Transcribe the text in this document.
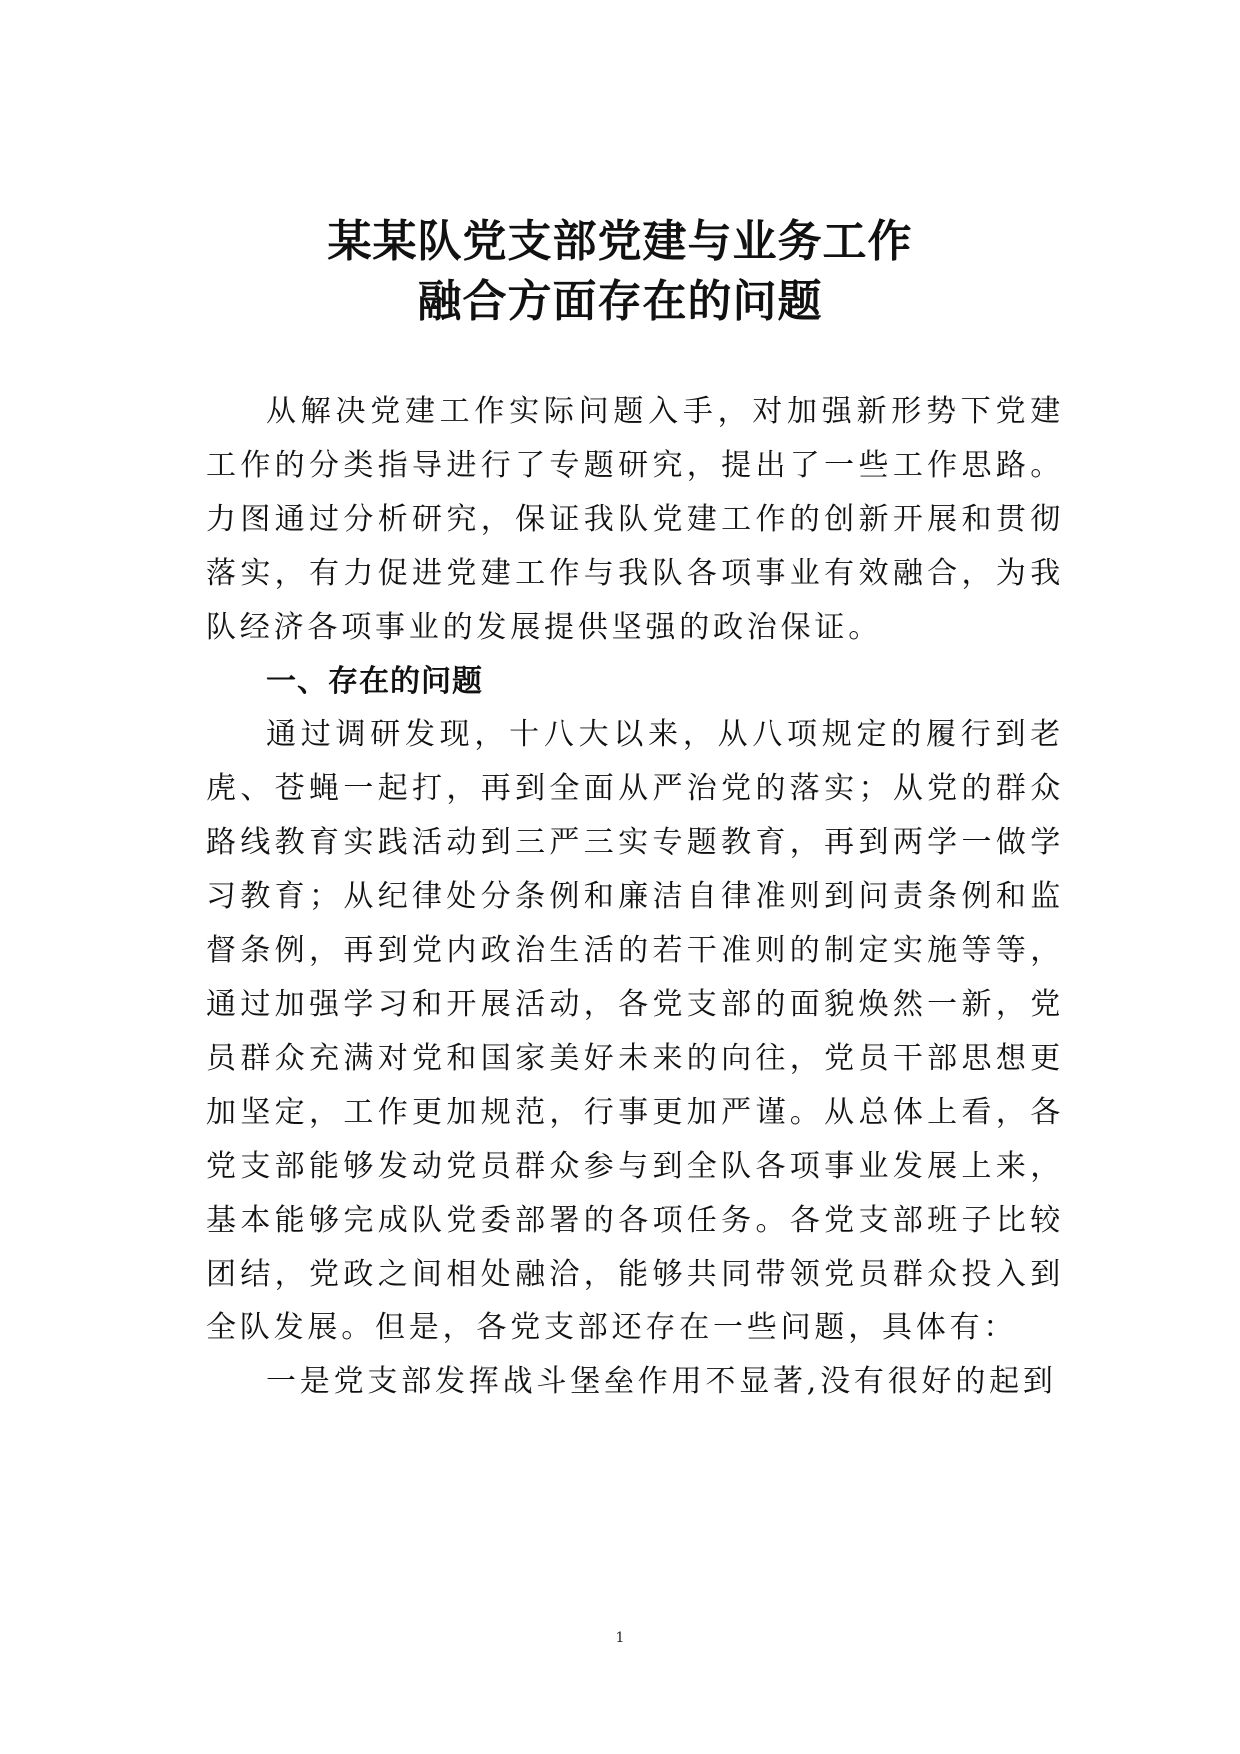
某某队党支部党建与业务工作
融合方面存在的问题

从解决党建工作实际问题入手，对加强新形势下党建工作的分类指导进行了专题研究，提出了一些工作思路。力图通过分析研究，保证我队党建工作的创新开展和贯彻落实，有力促进党建工作与我队各项事业有效融合，为我队经济各项事业的发展提供坚强的政治保证。

一、存在的问题

通过调研发现，十八大以来，从八项规定的履行到老虎、苍蝇一起打，再到全面从严治党的落实；从党的群众路线教育实践活动到三严三实专题教育，再到两学一做学习教育；从纪律处分条例和廉洁自律准则到问责条例和监督条例，再到党内政治生活的若干准则的制定实施等等，通过加强学习和开展活动，各党支部的面貌焕然一新，党员群众充满对党和国家美好未来的向往，党员干部思想更加坚定，工作更加规范，行事更加严谨。从总体上看，各党支部能够发动党员群众参与到全队各项事业发展上来，基本能够完成队党委部署的各项任务。各党支部班子比较团结，党政之间相处融洽，能够共同带领党员群众投入到全队发展。但是，各党支部还存在一些问题，具体有：

一是党支部发挥战斗堡垒作用不显著,没有很好的起到

1
